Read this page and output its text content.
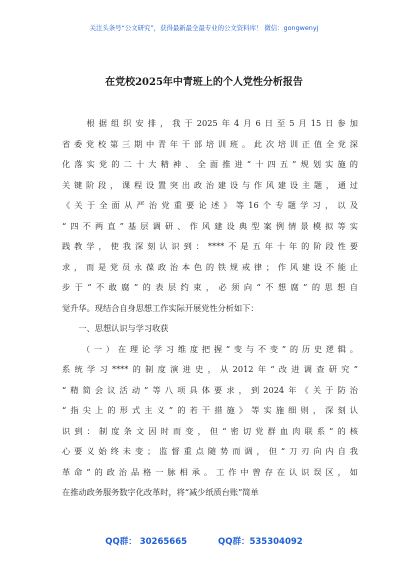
关注头条号“公文研究”，获得最新最全最专业的公文资料库！ 微信：gongwenyj
在党校2025年中青班上的个人党性分析报告
　　根据组织安排，我于2025年4月6日至5月15日参加
省委党校第三期中青年干部培训班。此次培训正值全党深
化落实党的二十大精神、全面推进“十四五”规划实施的
关键阶段，课程设置突出政治建设与作风建设主题，通过
《关于全面从严治党重要论述》等16个专题学习，以及
“四不两直”基层调研、作风建设典型案例情景模拟等实
践教学，使我深刻认识到：****不是五年十年的阶段性要
求，而是党员永葆政治本色的铁规戒律；作风建设不能止
步于“不敢腐”的表层约束，必须向“不想腐”的思想自
觉升华。现结合自身思想工作实际开展党性分析如下：
　　一、思想认识与学习收获
　　（一）在理论学习维度把握“变与不变”的历史逻辑。
系统学习****的制度演进史，从2012年“改进调查研究”
“精简会议活动”等八项具体要求，到2024年《关于防治
“指尖上的形式主义”的若干措施》等实施细则，深刻认
识到：制度条文因时而变，但“密切党群血肉联系”的核
心要义始终未变；监督重点随势而调，但“刀刃向内自我
革命”的政治品格一脉相承。工作中曾存在认识误区，如
在推动政务服务数字化改革时，将“减少纸质台账”简单
QQ群： 30265665	QQ群：535304092
